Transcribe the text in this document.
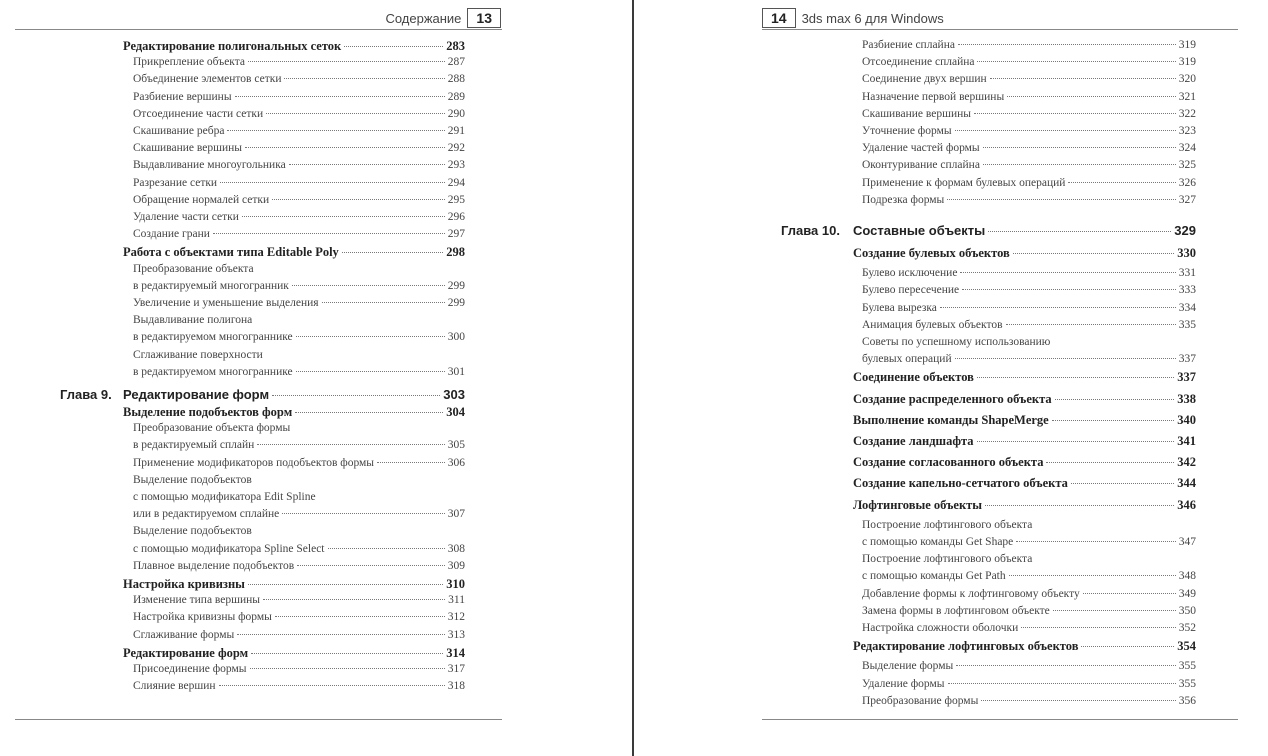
Содержание	13
Редактирование полигональных сеток	283
Прикрепление объекта	287
Объединение элементов сетки	288
Разбиение вершины	289
Отсоединение части сетки	290
Скашивание ребра	291
Скашивание вершины	292
Выдавливание многоугольника	293
Разрезание сетки	294
Обращение нормалей сетки	295
Удаление части сетки	296
Создание грани	297
Работа с объектами типа Editable Poly	298
Преобразование объекта
в редактируемый многогранник	299
Увеличение и уменьшение выделения	299
Выдавливание полигона
в редактируемом многограннике	300
Сглаживание поверхности
в редактируемом многограннике	301
Глава 9. Редактирование форм	303
Выделение подобъектов форм	304
Преобразование объекта формы
в редактируемый сплайн	305
Применение модификаторов подобъектов формы	306
Выделение подобъектов
с помощью модификатора Edit Spline
или в редактируемом сплайне	307
Выделение подобъектов
с помощью модификатора Spline Select	308
Плавное выделение подобъектов	309
Настройка кривизны	310
Изменение типа вершины	311
Настройка кривизны формы	312
Сглаживание формы	313
Редактирование форм	314
Присоединение формы	317
Слияние вершин	318
14	3ds max 6 для Windows
Разбиение сплайна	319
Отсоединение сплайна	319
Соединение двух вершин	320
Назначение первой вершины	321
Скашивание вершины	322
Уточнение формы	323
Удаление частей формы	324
Оконтуривание сплайна	325
Применение к формам булевых операций	326
Подрезка формы	327
Глава 10. Составные объекты	329
Создание булевых объектов	330
Булево исключение	331
Булево пересечение	333
Булева вырезка	334
Анимация булевых объектов	335
Советы по успешному использованию
булевых операций	337
Соединение объектов	337
Создание распределенного объекта	338
Выполнение команды ShapeMerge	340
Создание ландшафта	341
Создание согласованного объекта	342
Создание капельно-сетчатого объекта	344
Лофтинговые объекты	346
Построение лофтингового объекта
с помощью команды Get Shape	347
Построение лофтингового объекта
с помощью команды Get Path	348
Добавление формы к лофтинговому объекту	349
Замена формы в лофтинговом объекте	350
Настройка сложности оболочки	352
Редактирование лофтинговых объектов	354
Выделение формы	355
Удаление формы	355
Преобразование формы	356
